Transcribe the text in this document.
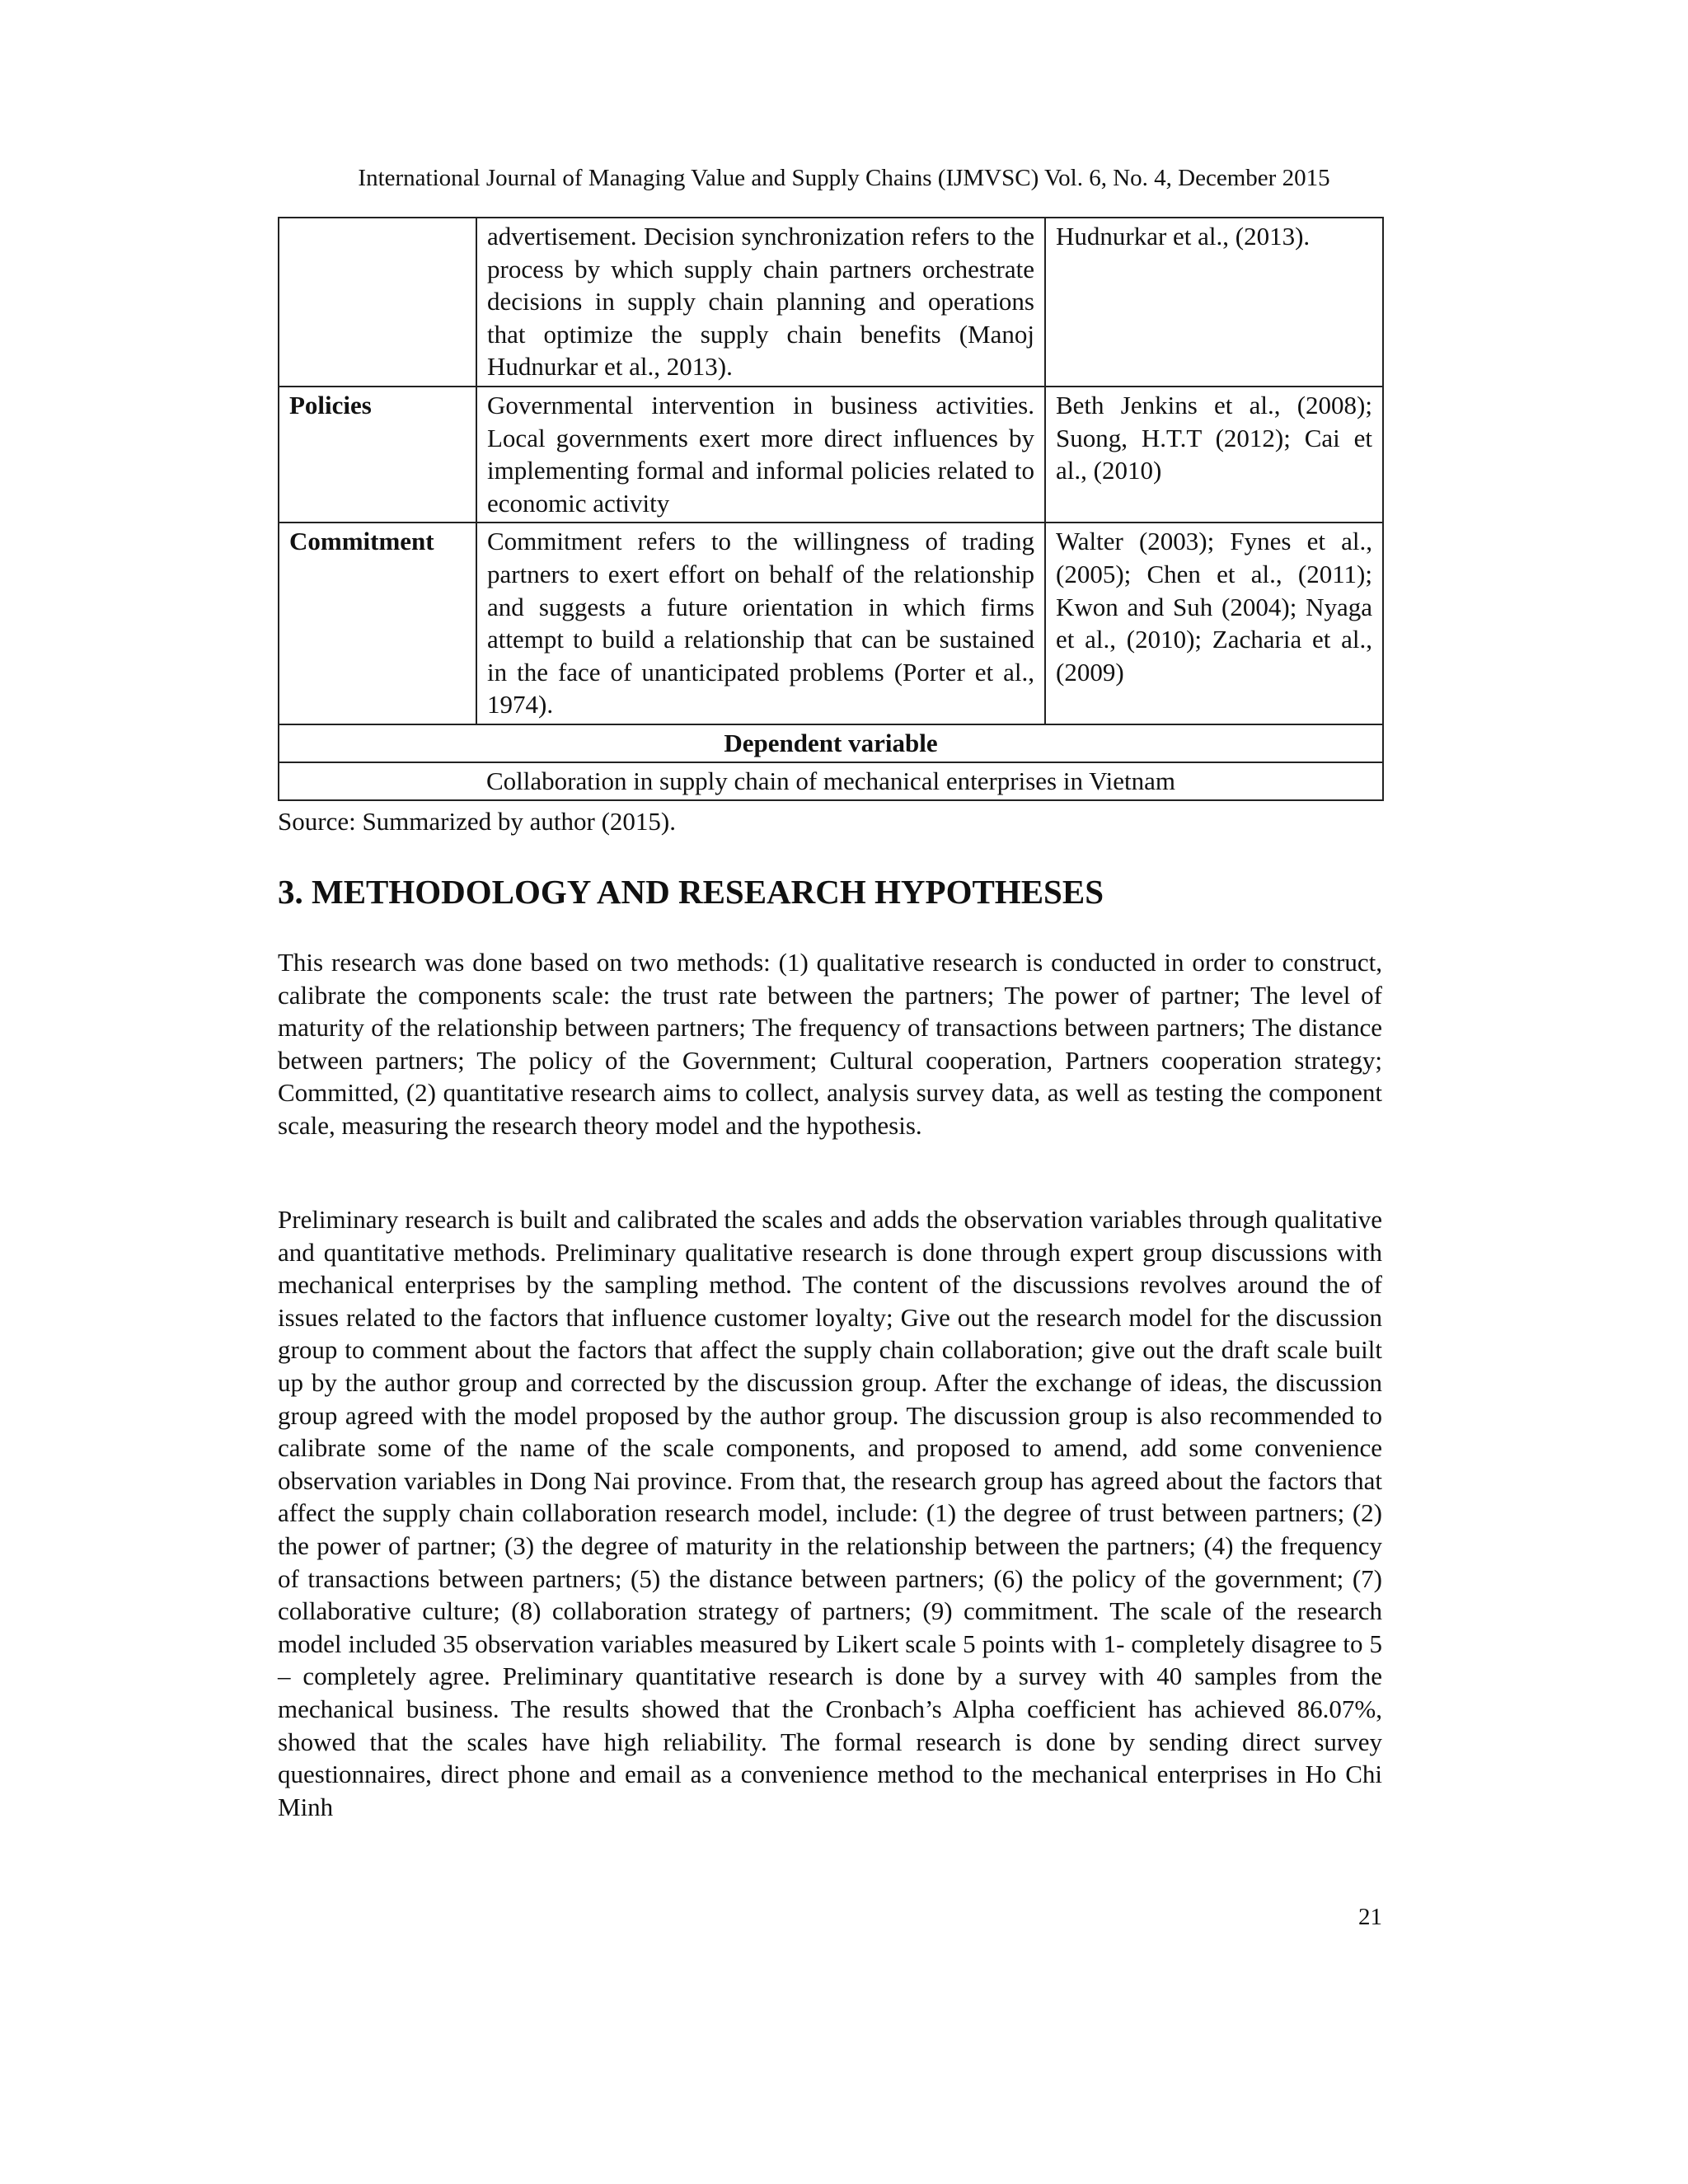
International Journal of Managing Value and Supply Chains (IJMVSC) Vol. 6, No. 4, December 2015
	advertisement. Decision synchronization refers to the process by which supply chain partners orchestrate decisions in supply chain planning and operations that optimize the supply chain benefits (Manoj Hudnurkar et al., 2013).	Hudnurkar et al., (2013).
Policies	Governmental intervention in business activities. Local governments exert more direct influences by implementing formal and informal policies related to economic activity	Beth Jenkins et al., (2008); Suong, H.T.T (2012); Cai et al., (2010)
Commitment	Commitment refers to the willingness of trading partners to exert effort on behalf of the relationship and suggests a future orientation in which firms attempt to build a relationship that can be sustained in the face of unanticipated problems (Porter et al., 1974).	Walter (2003); Fynes et al., (2005); Chen et al., (2011); Kwon and Suh (2004); Nyaga et al., (2010); Zacharia et al., (2009)
Dependent variable		
Collaboration in supply chain of mechanical enterprises in Vietnam		
Source: Summarized by author (2015).
3. METHODOLOGY AND RESEARCH HYPOTHESES

This research was done based on two methods: (1) qualitative research is conducted in order to construct, calibrate the components scale: the trust rate between the partners; The power of partner; The level of maturity of the relationship between partners; The frequency of transactions between partners; The distance between partners; The policy of the Government; Cultural cooperation, Partners cooperation strategy; Committed, (2) quantitative research aims to collect, analysis survey data, as well as testing the component scale, measuring the research theory model and the hypothesis.

Preliminary research is built and calibrated the scales and adds the observation variables through qualitative and quantitative methods. Preliminary qualitative research is done through expert group discussions with mechanical enterprises by the sampling method. The content of the discussions revolves around the of issues related to the factors that influence customer loyalty; Give out the research model for the discussion group to comment about the factors that affect the supply chain collaboration; give out the draft scale built up by the author group and corrected by the discussion group. After the exchange of ideas, the discussion group agreed with the model proposed by the author group. The discussion group is also recommended to calibrate some of the name of the scale components, and proposed to amend, add some convenience observation variables in Dong Nai province. From that, the research group has agreed about the factors that affect the supply chain collaboration research model, include: (1) the degree of trust between partners; (2) the power of partner; (3) the degree of maturity in the relationship between the partners; (4) the frequency of transactions between partners; (5) the distance between partners; (6) the policy of the government; (7) collaborative culture; (8) collaboration strategy of partners; (9) commitment. The scale of the research model included 35 observation variables measured by Likert scale 5 points with 1- completely disagree to 5 – completely agree. Preliminary quantitative research is done by a survey with 40 samples from the mechanical business. The results showed that the Cronbach’s Alpha coefficient has achieved 86.07%, showed that the scales have high reliability. The formal research is done by sending direct survey questionnaires, direct phone and email as a convenience method to the mechanical enterprises in Ho Chi Minh

21
